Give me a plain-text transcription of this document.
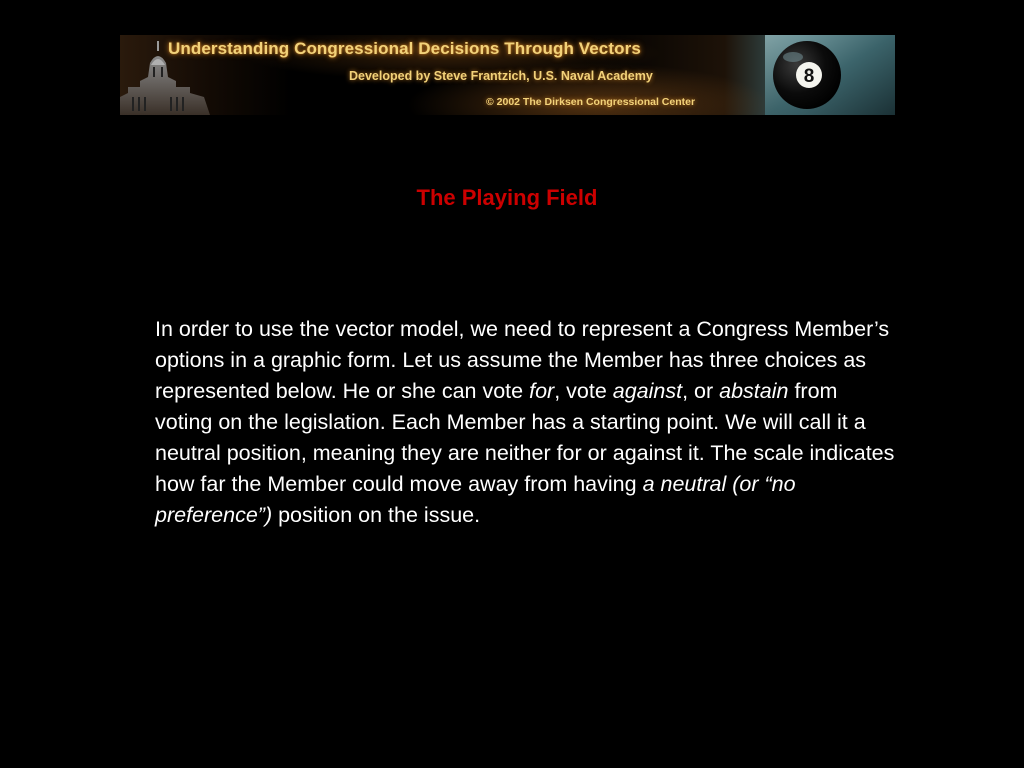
8
Understanding Congressional Decisions Through Vectors
Developed by Steve Frantzich, U.S. Naval Academy
© 2002 The Dirksen Congressional Center
The Playing Field
In order to use the vector model, we need to represent a Congress Member’s options in a graphic form. Let us assume the Member has three choices as represented below. He or she can vote for, vote against, or abstain from voting on the legislation. Each Member has a starting point. We will call it a neutral position, meaning they are neither for or against it. The scale indicates how far the Member could move away from having a neutral (or “no preference”) position on the issue.
